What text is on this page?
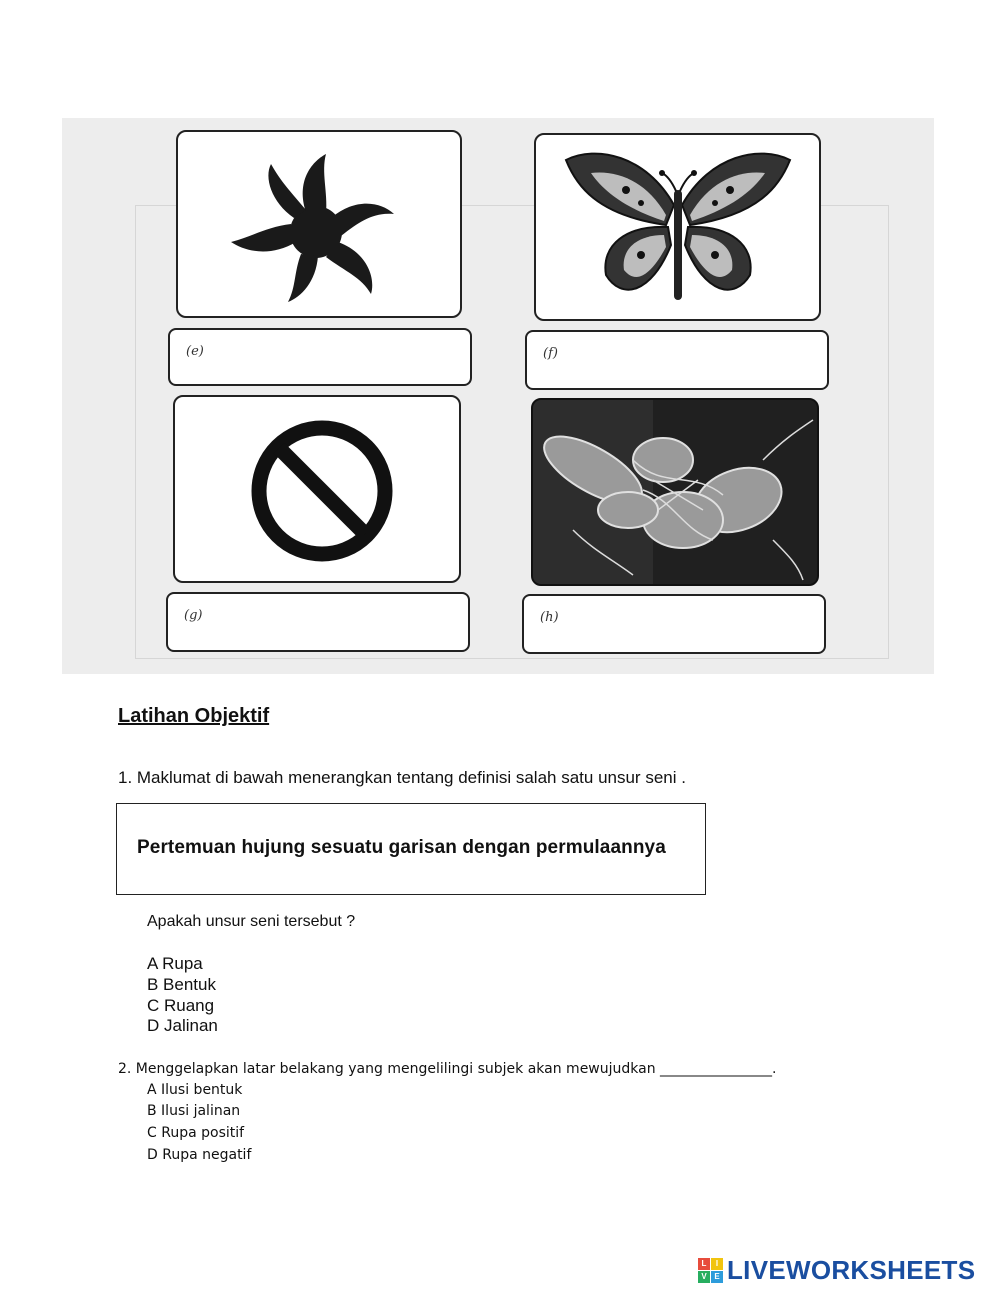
(e)	(f)
(g)	(h)
Latihan Objektif
1. Maklumat di bawah menerangkan tentang definisi salah satu unsur seni .
Pertemuan hujung sesuatu garisan dengan permulaannya
Apakah unsur seni tersebut ?
A Rupa
B Bentuk
C Ruang
D Jalinan
2. Menggelapkan latar belakang yang mengelilingi subjek akan mewujudkan ________________.
A Ilusi bentuk
B Ilusi jalinan
C Rupa positif
D Rupa negatif
L	I
V E LIVEWORKSHEETS
